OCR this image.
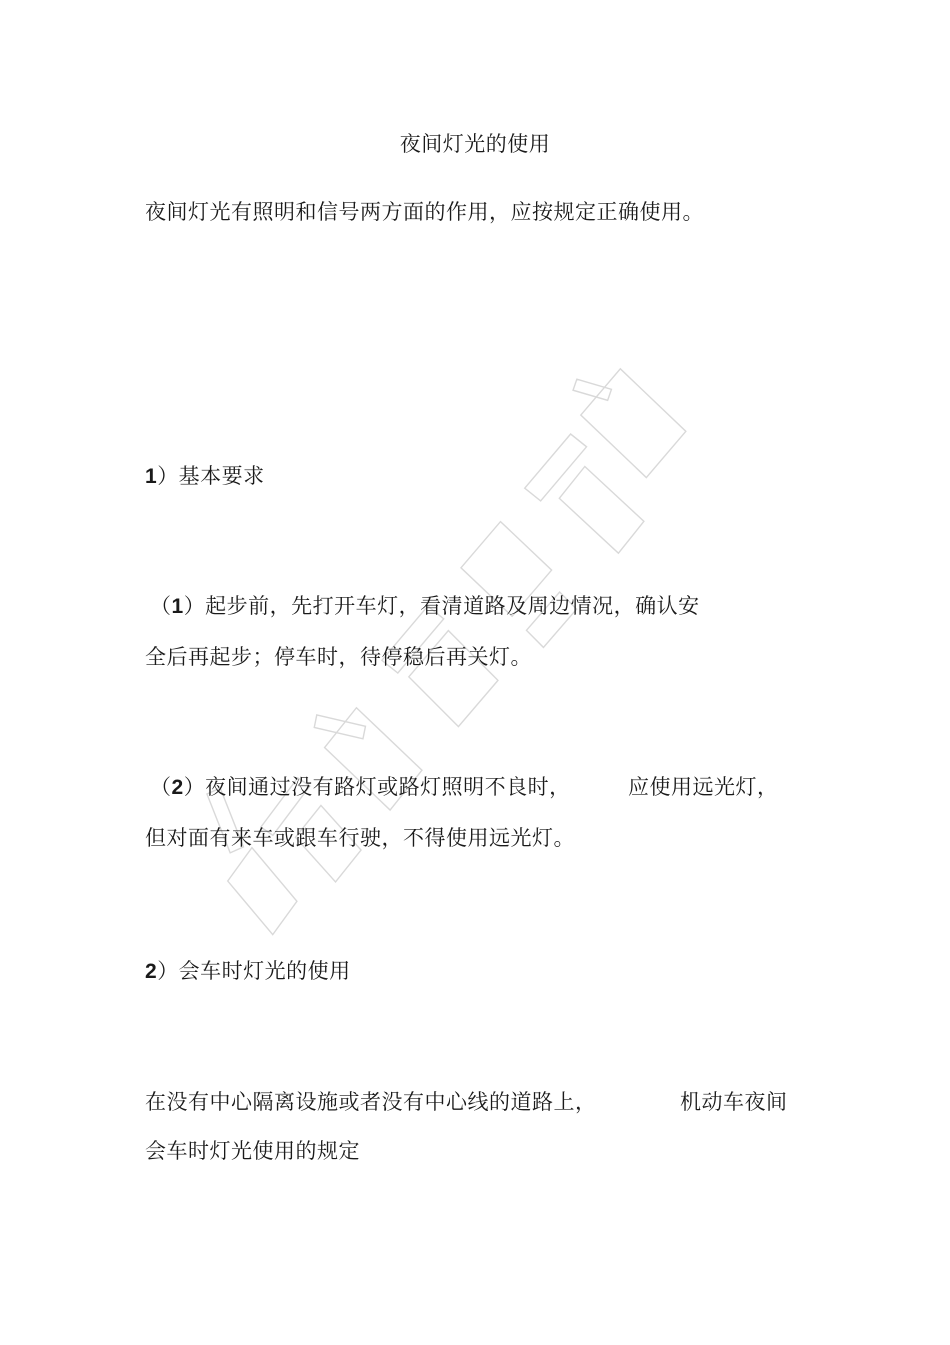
夜间灯光的使用
夜间灯光有照明和信号两方面的作用，应按规定正确使用。
1）基本要求
（1）起步前，先打开车灯，看清道路及周边情况，确认安
全后再起步；停车时，待停稳后再关灯。
（2）夜间通过没有路灯或路灯照明不良时，	应使用远光灯，
但对面有来车或跟车行驶，不得使用远光灯。
2）会车时灯光的使用
在没有中心隔离设施或者没有中心线的道路上，	机动车夜间
会车时灯光使用的规定
